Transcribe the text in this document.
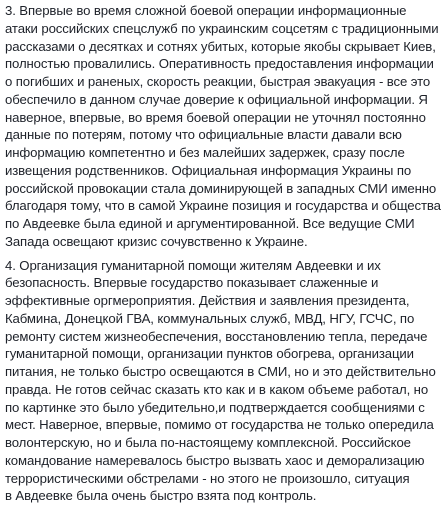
3. Впервые во время сложной боевой операции информационные
атаки российских спецслужб по украинским соцсетям с традиционными
рассказами о десятках и сотнях убитых, которые якобы скрывает Киев,
полностью провалились. Оперативность предоставления информации
о погибших и раненых, скорость реакции, быстрая эвакуация - все это
обеспечило в данном случае доверие к официальной информации. Я
наверное, впервые, во время боевой операции не уточнял постоянно
данные по потерям, потому что официальные власти давали всю
информацию компетентно и без малейших задержек, сразу после
извещения родственников. Официальная информация Украины по
российской провокации стала доминирующей в западных СМИ именно
благодаря тому, что в самой Украине позиция и государства и общества
по Авдеевке была единой и аргументированной. Все ведущие СМИ
Запада освещают кризис сочувственно к Украине.

4. Организация гуманитарной помощи жителям Авдеевки и их
безопасность. Впервые государство показывает слаженные и
эффективные оргмероприятия. Действия и заявления президента,
Кабмина, Донецкой ГВА, коммунальных служб, МВД, НГУ, ГСЧС, по
ремонту систем жизнеобеспечения, восстановлению тепла, передаче
гуманитарной помощи, организации пунктов обогрева, организации
питания, не только быстро освещаются в СМИ, но и это действительно
правда. Не готов сейчас сказать кто как и в каком объеме работал, но
по картинке это было убедительно,и подтверждается сообщениями с
мест. Наверное, впервые, помимо от государства не только опередила
волонтерскую, но и была по-настоящему комплексной. Российское
командование намеревалось быстро вызвать хаос и деморализацию
террористическими обстрелами - но этого не произошло, ситуация
в Авдеевке была очень быстро взята под контроль.
